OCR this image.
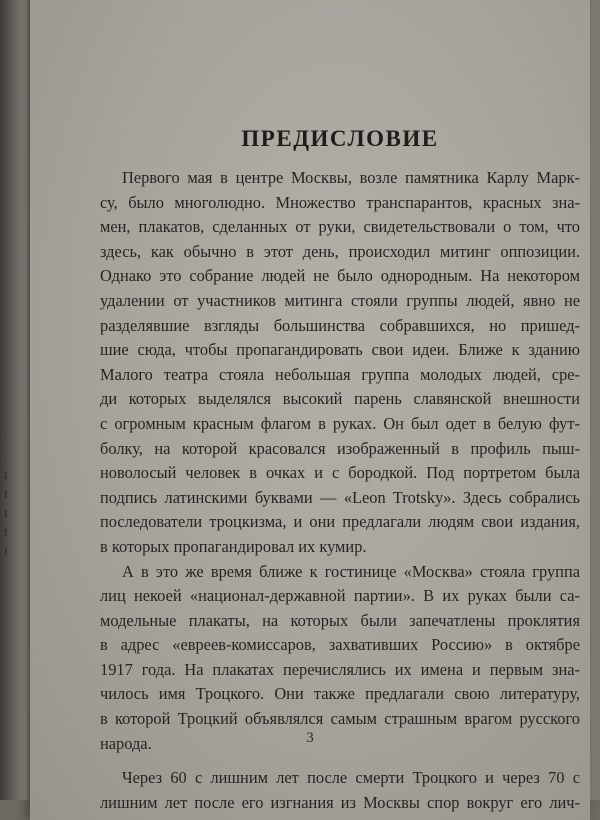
·
·
I
I
I
I
I
ПРЕДИСЛОВИЕ
Первого мая в центре Москвы, возле памятника Карлу Марк-
су, было многолюдно. Множество транспарантов, красных зна-
мен, плакатов, сделанных от руки, свидетельствовали о том, что
здесь, как обычно в этот день, происходил митинг оппозиции.
Однако это собрание людей не было однородным. На некотором
удалении от участников митинга стояли группы людей, явно не
разделявшие взгляды большинства собравшихся, но пришед-
шие сюда, чтобы пропагандировать свои идеи. Ближе к зданию
Малого театра стояла небольшая группа молодых людей, сре-
ди которых выделялся высокий парень славянской внешности
с огромным красным флагом в руках. Он был одет в белую фут-
болку, на которой красовался изображенный в профиль пыш-
новолосый человек в очках и с бородкой. Под портретом была
подпись латинскими буквами — «Leon Trotsky». Здесь собрались
последователи троцкизма, и они предлагали людям свои издания,
в которых пропагандировал их кумир.
А в это же время ближе к гостинице «Москва» стояла группа
лиц некоей «национал-державной партии». В их руках были са-
модельные плакаты, на которых были запечатлены проклятия
в адрес «евреев-комиссаров, захвативших Россию» в октябре
1917 года. На плакатах перечислялись их имена и первым зна-
чилось имя Троцкого. Они также предлагали свою литературу,
в которой Троцкий объявлялся самым страшным врагом русского
народа.
Через 60 с лишним лет после смерти Троцкого и через 70 с
лишним лет после его изгнания из Москвы спор вокруг его лич-
3
